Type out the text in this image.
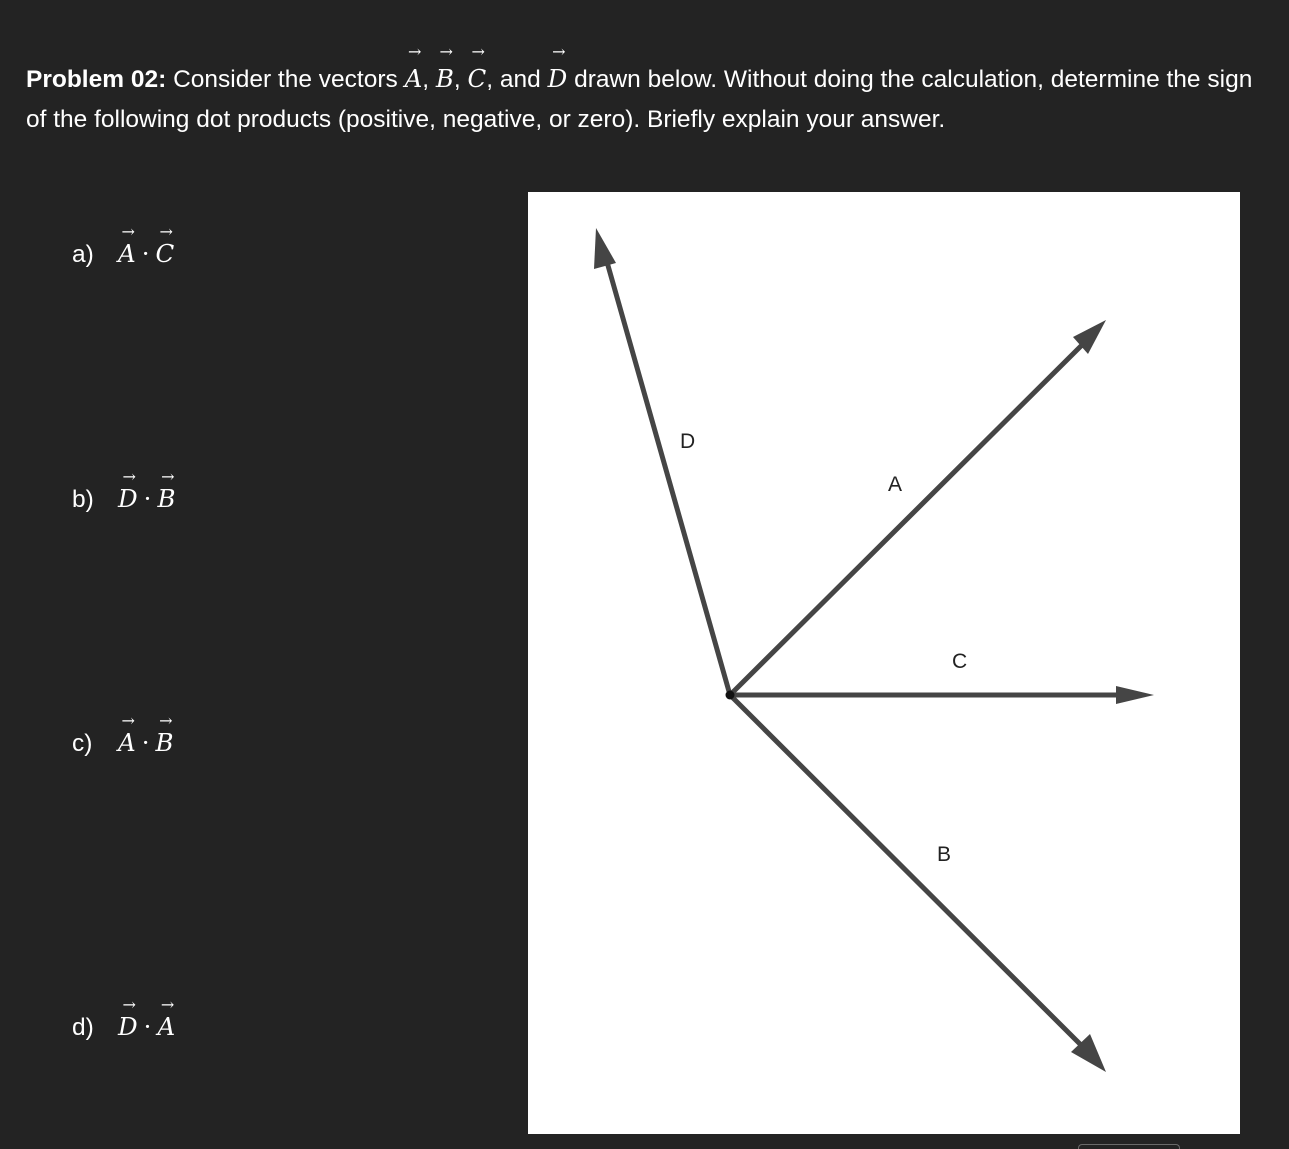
Problem 02: Consider the vectors
→
A,
→
B,
→
C, and
→
D drawn below. Without doing the calculation, determine the sign of the following dot products (positive, negative, or zero). Briefly explain your answer.

a)
→
A ·
→
C
b)
→
D ·
→
B
c)
→
A ·
→
B
d)
→
D ·
→
A
D
A
C
B
